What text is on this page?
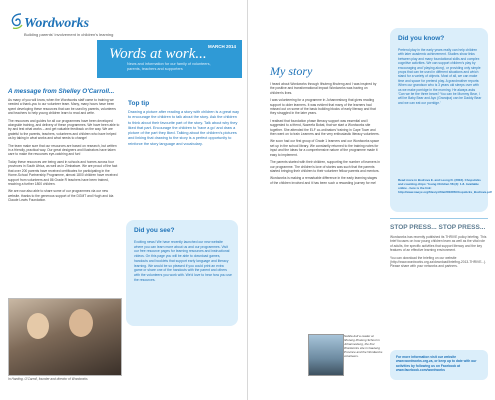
Wordworks
Building parents' involvement in children's learning
Words at work...
News and information for our family of volunteers, parents, teachers and supporters
MARCH 2014
A message from Shelley O'Carroll...

As many of you will know, when the Wordworks staff came to training we needed a thank-you to our volunteer team. Many, many hours have been spent developing these resources that can be used by parents, volunteers and teachers to help young children learn to read and write.

The resources and guides for all our programmes have been developed alongside training, and delivery of these programmes. We have been able to try and test what works – and get valuable feedback on the way. We are grateful to the parents, teachers, volunteers and children who have helped us by taking in what works and what needs to change!

The team make sure that our resources are based on research, but written in a friendly, practical way. Our great designers and illustrators have taken care to make the resources eye-catching and fun!

Today these resources are being used in schools and homes across four provinces in South Africa, as well as in Zimbabwe. We are proud of the fact that over 200 parents have received certificates for participating in the Home-School Partnership Programme, almost 1800 children have received support from volunteers and 86 Grade R teachers have been trained, reaching a further 1800 children.

We are now also able to share some of our programmes via our new website. thanks to the generous support of the DGMT and Hugh and Ida Claude Lewis Foundation.

In Harding. O'Carroll, founder and director of Wordworks
Top tip
Drawing a picture after reading a story with children is a great way to encourage the children to talk about the story. Ask the children to think about their favourite part of the story. Talk about why they liked that part. Encourage the children to 'have a go' and draw a picture of the part they liked. Talking about the children's pictures and linking that drawing to the story is a perfect opportunity to reinforce the story language and vocabulary.
Did you see?
Exciting news! We have recently launched our new website where you can learn more about us and our programmes. Visit our free resource pages for learning resources and instructional videos. On this page you will be able to download games, handouts and booklets that support early language and literacy learning. We would be so pleased if you could print an extra game or share one of the handouts with the parent and others with the volunteers you work with. We'd love to hear how you use the resources.
My story

I heard about Wordworks through Ithuteng Ithuteng and I was inspired by the positive and transformational impact Wordworks was having on children's lives.

I was volunteering for a programme in Johannesburg that gives reading support to older learners. It was evident that many of the learners had missed out on some of the basic building blocks of early literacy and that they struggled in the later years.

I realised that foundation phase literacy support was essential and I suggested to a friend, Nazeefa Bobat, that we start a Wordworks site together. She attended the ELF co-ordinators' training in Cape Town and then went on to train Learners and the very enthusiastic literacy volunteers.

We soon had our first group of Grade 1 learners and our Wordworks space set up in the school library. We constantly returned to the training notes for input and the ideas for a comprehensive nature of the programme made it easy to implement.

The parents started with their children, supporting the number of learners in our programme. The children's love of stories was such that the parents started bringing their children to their volunteer fellow parents and mentors.

Wordworks is making a remarkable difference in the early learning stages of the children involved and it has been such a rewarding journey for me!

Nabila Asif a reader at Ithuteng Ithuteng School in Johannesburg, the first Wordworks site in Gauteng Province and the Wordworks volunteers.
Did you know?
Pretend play in the early years really can help children with later academic achievement. Studies show links between play and many foundational skills and complex cognitive activities. We can support children's play by encouraging and 'playing along', or providing only simple props that can be used in different situations and which stand for a variety of objects. Most of all, we can make time and space for pretend play. A grandmother reports: When our grandson who is 3 years old sleeps over with us we make porridge in the morning. He always asks 'Can we be the three bears? You can be Mummy Bear, I will be Baby Bear and Ayo (Grandpa) can be Daddy Bear and we can eat our porridge.'
Read more in Bodrova E. and Leong D. (2003). Chopsticks and counting chips: Young Children 58 (3): 1-8. Available online - here is the link: http://www.naeyc.org/files/yc/file/200305/Chopsticks_Bodrova.pdf
STOP PRESS... STOP PRESS...

Wordworks has recently published its THRIVE policy briefing. This brief focuses on how young children learn as well as the vital role of adults, the specific activities that support literacy and the key features of an effective learning environment.

You can download the briefing on our website (http://www.wordworks.org.za/download/briefing-2013-THRIVE...). Please share with your networks and partners.

For more information visit our website www.wordworks.org.za, or keep up to date with our activities by following us on Facebook at www.facebook.com/wordworks
